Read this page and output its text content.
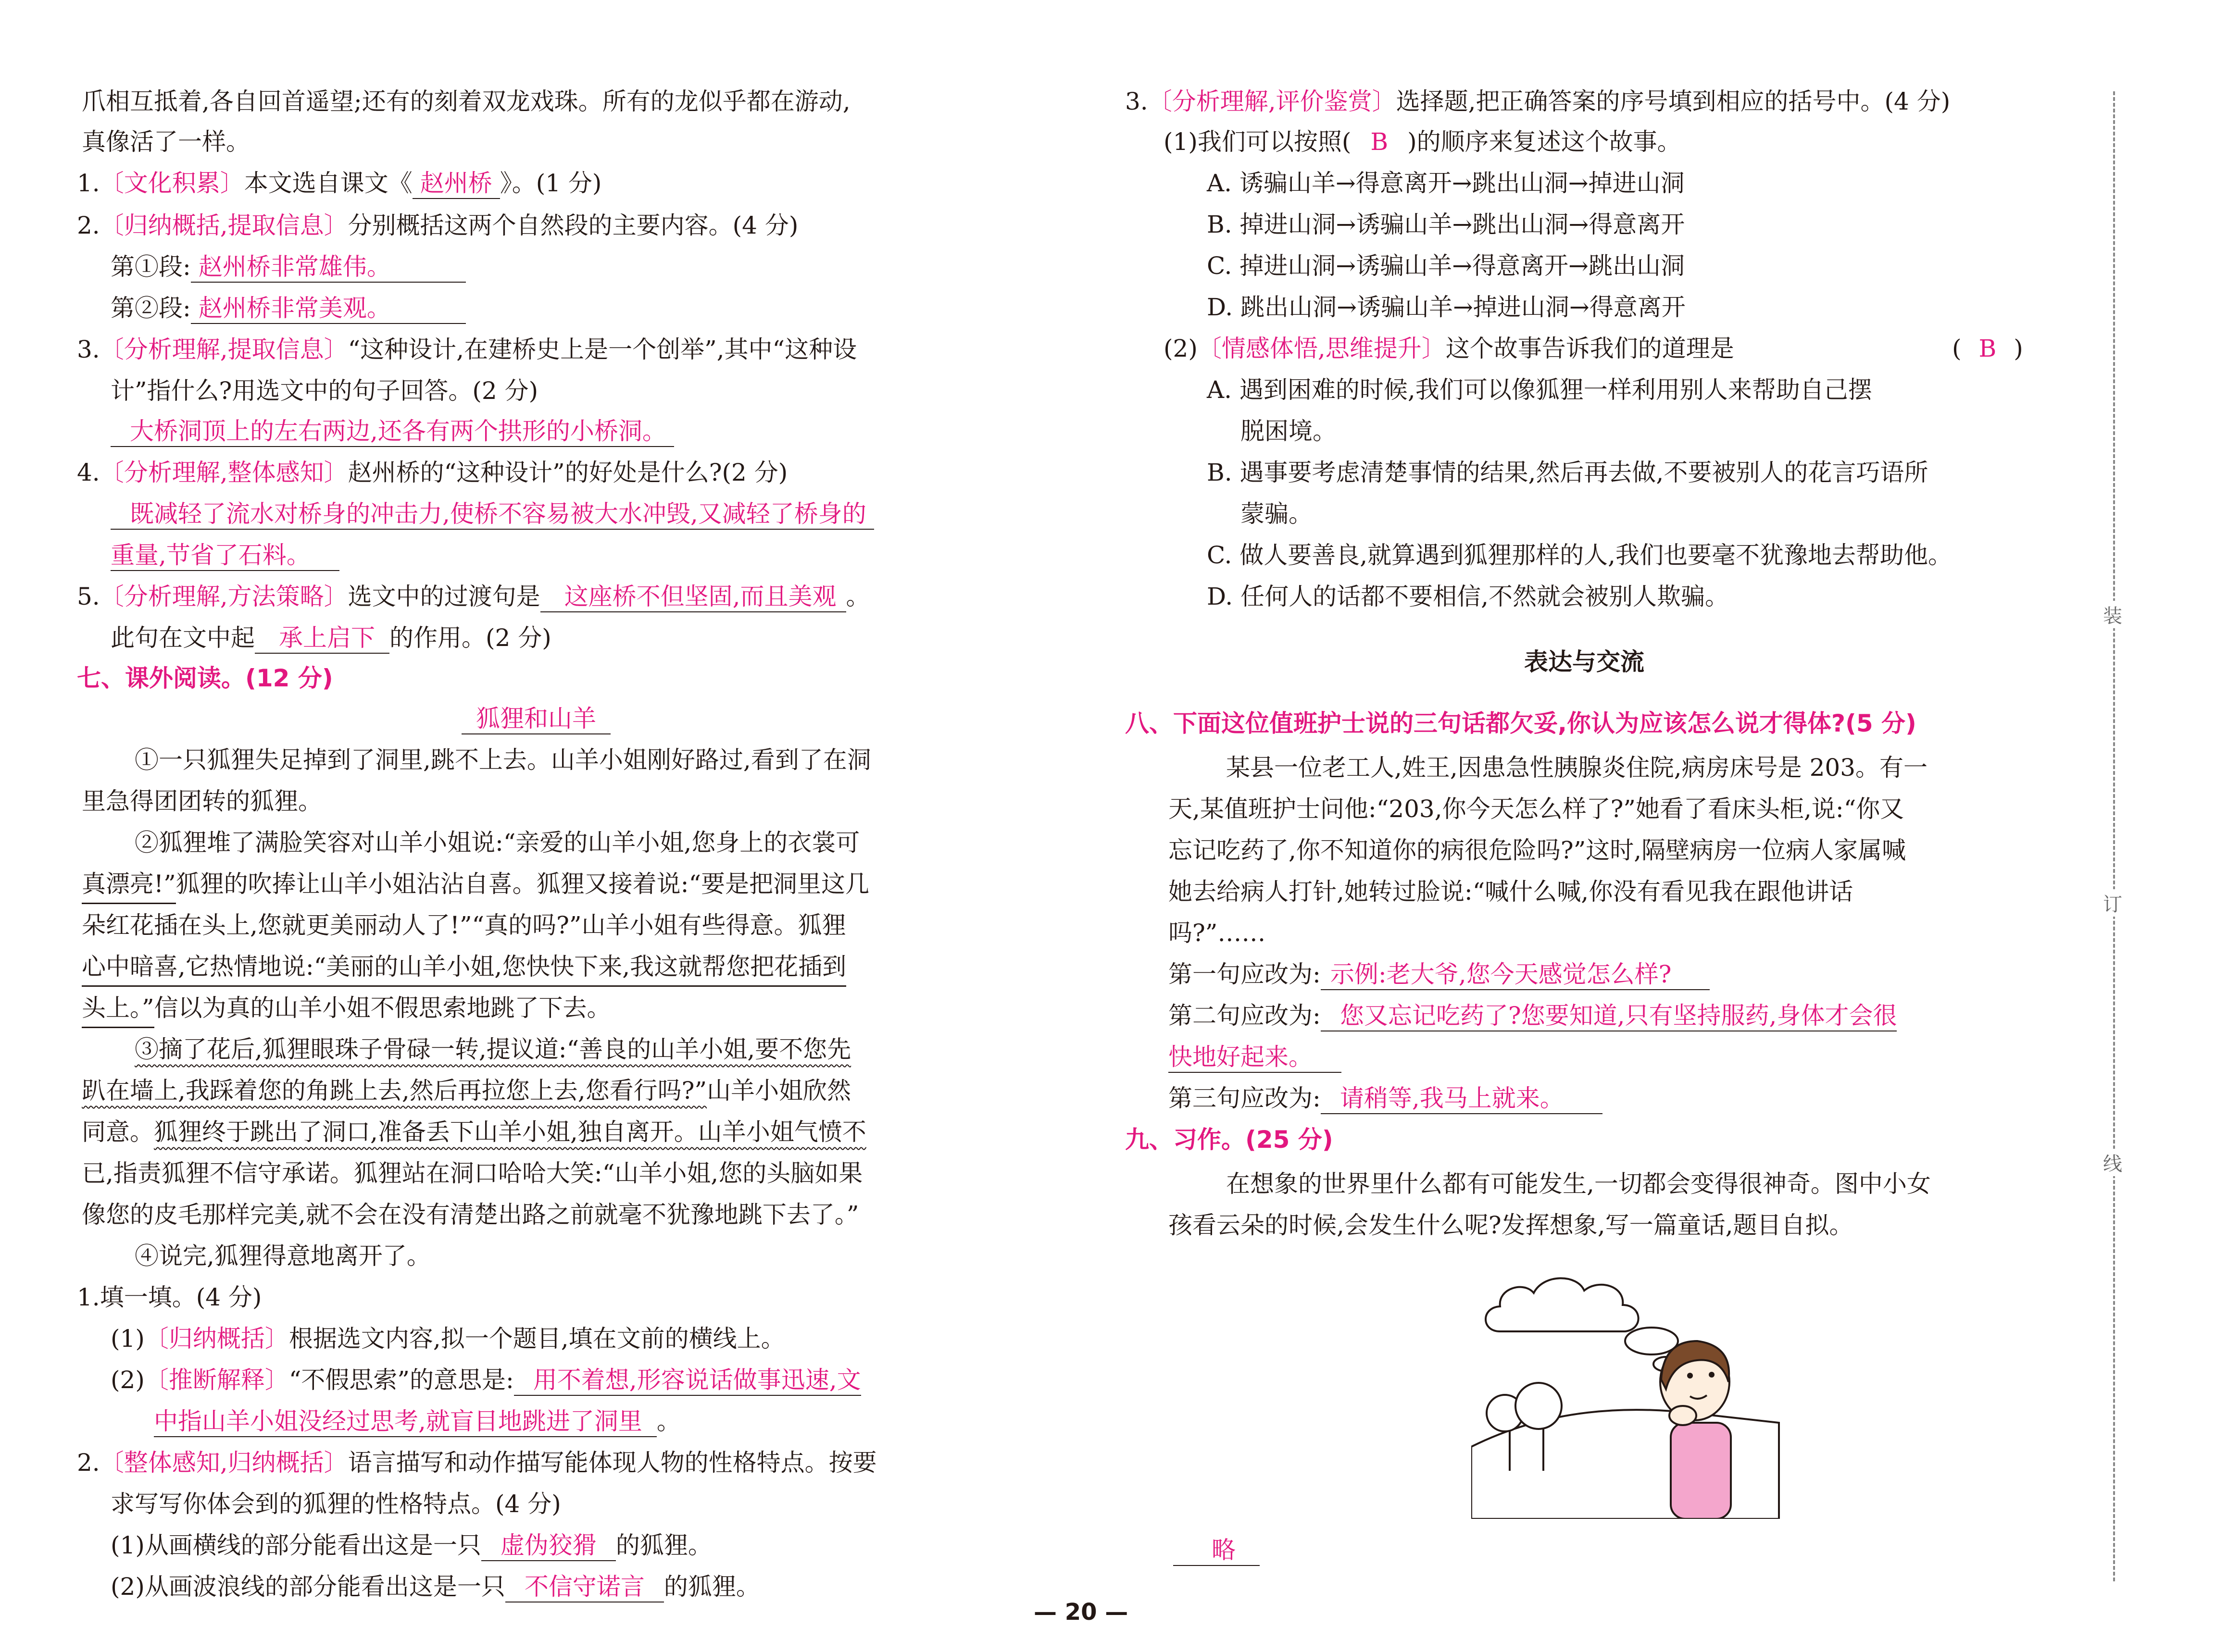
爪相互抵着,各自回首遥望;还有的刻着双龙戏珠。所有的龙似乎都在游动,
真像活了一样。
1.〔文化积累〕本文选自课文《 赵州桥 》。(1 分)
2.〔归纳概括,提取信息〕分别概括这两个自然段的主要内容。(4 分)
第①段: 赵州桥非常雄伟。
第②段: 赵州桥非常美观。
3.〔分析理解,提取信息〕“这种设计,在建桥史上是一个创举”,其中“这种设
计”指什么?用选文中的句子回答。(2 分)
大桥洞顶上的左右两边,还各有两个拱形的小桥洞。
4.〔分析理解,整体感知〕赵州桥的“这种设计”的好处是什么?(2 分)
既减轻了流水对桥身的冲击力,使桥不容易被大水冲毁,又减轻了桥身的
重量,节省了石料。
5.〔分析理解,方法策略〕选文中的过渡句是 这座桥不但坚固,而且美观 。
此句在文中起 承上启下 的作用。(2 分)
七、课外阅读。(12 分)
狐狸和山羊
①一只狐狸失足掉到了洞里,跳不上去。山羊小姐刚好路过,看到了在洞
里急得团团转的狐狸。
②狐狸堆了满脸笑容对山羊小姐说:“亲爱的山羊小姐,您身上的衣裳可
真漂亮!”狐狸的吹捧让山羊小姐沾沾自喜。狐狸又接着说:“要是把洞里这几
朵红花插在头上,您就更美丽动人了!”“真的吗?”山羊小姐有些得意。狐狸
心中暗喜,它热情地说:“美丽的山羊小姐,您快快下来,我这就帮您把花插到
头上。”信以为真的山羊小姐不假思索地跳了下去。
③摘了花后,狐狸眼珠子骨碌一转,提议道:“善良的山羊小姐,要不您先
趴在墙上,我踩着您的角跳上去,然后再拉您上去,您看行吗?”山羊小姐欣然
同意。狐狸终于跳出了洞口,准备丢下山羊小姐,独自离开。山羊小姐气愤不
已,指责狐狸不信守承诺。狐狸站在洞口哈哈大笑:“山羊小姐,您的头脑如果
像您的皮毛那样完美,就不会在没有清楚出路之前就毫不犹豫地跳下去了。”
④说完,狐狸得意地离开了。
1.填一填。(4 分)
(1)〔归纳概括〕根据选文内容,拟一个题目,填在文前的横线上。
(2)〔推断解释〕“不假思索”的意思是: 用不着想,形容说话做事迅速,文
中指山羊小姐没经过思考,就盲目地跳进了洞里 。
2.〔整体感知,归纳概括〕语言描写和动作描写能体现人物的性格特点。按要
求写写你体会到的狐狸的性格特点。(4 分)
(1)从画横线的部分能看出这是一只 虚伪狡猾 的狐狸。
(2)从画波浪线的部分能看出这是一只 不信守诺言 的狐狸。
3.〔分析理解,评价鉴赏〕选择题,把正确答案的序号填到相应的括号中。(4 分)
(1)我们可以按照( B )的顺序来复述这个故事。
A. 诱骗山羊→得意离开→跳出山洞→掉进山洞
B. 掉进山洞→诱骗山羊→跳出山洞→得意离开
C. 掉进山洞→诱骗山羊→得意离开→跳出山洞
D. 跳出山洞→诱骗山羊→掉进山洞→得意离开
(2)〔情感体悟,思维提升〕这个故事告诉我们的道理是	( B )
A. 遇到困难的时候,我们可以像狐狸一样利用别人来帮助自己摆
脱困境。
B. 遇事要考虑清楚事情的结果,然后再去做,不要被别人的花言巧语所
蒙骗。
C. 做人要善良,就算遇到狐狸那样的人,我们也要毫不犹豫地去帮助他。
D. 任何人的话都不要相信,不然就会被别人欺骗。
表达与交流
八、下面这位值班护士说的三句话都欠妥,你认为应该怎么说才得体?(5 分)
某县一位老工人,姓王,因患急性胰腺炎住院,病房床号是 203。有一
天,某值班护士问他:“203,你今天怎么样了?”她看了看床头柜,说:“你又
忘记吃药了,你不知道你的病很危险吗?”这时,隔壁病房一位病人家属喊
她去给病人打针,她转过脸说:“喊什么喊,你没有看见我在跟他讲话
吗?”……
第一句应改为: 示例:老大爷,您今天感觉怎么样?
第二句应改为: 您又忘记吃药了?您要知道,只有坚持服药,身体才会很
快地好起来。
第三句应改为: 请稍等,我马上就来。
九、习作。(25 分)
在想象的世界里什么都有可能发生,一切都会变得很神奇。图中小女
孩看云朵的时候,会发生什么呢?发挥想象,写一篇童话,题目自拟。
略
装
订
线
— 20 —
